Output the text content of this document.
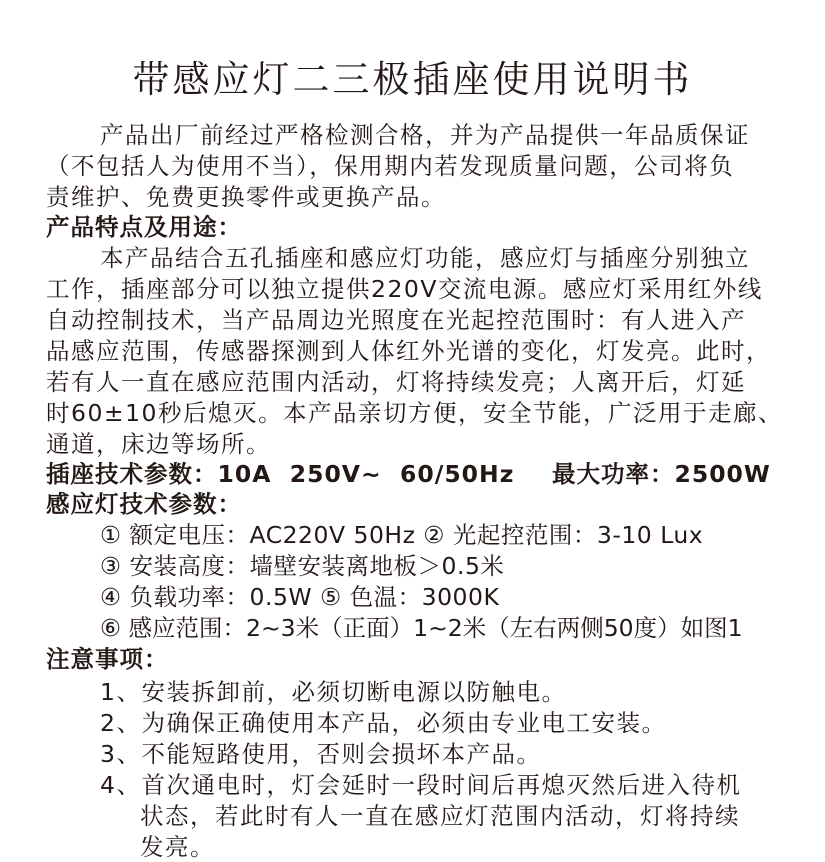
带感应灯二三极插座使用说明书
产品出厂前经过严格检测合格，并为产品提供一年品质保证
（不包括人为使用不当），保用期内若发现质量问题，公司将负
责维护、免费更换零件或更换产品。
产品特点及用途：
本产品结合五孔插座和感应灯功能，感应灯与插座分别独立
工作，插座部分可以独立提供220V交流电源。感应灯采用红外线
自动控制技术，当产品周边光照度在光起控范围时：有人进入产
品感应范围，传感器探测到人体红外光谱的变化，灯发亮。此时，
若有人一直在感应范围内活动，灯将持续发亮；人离开后，灯延
时60±10秒后熄灭。本产品亲切方便，安全节能，广泛用于走廊、
通道，床边等场所。
插座技术参数：10A  250V~  60/50Hz 最大功率：2500W
感应灯技术参数：
① 额定电压：AC220V 50Hz ② 光起控范围：3-10 Lux
③ 安装高度：墙壁安装离地板＞0.5米
④ 负载功率：0.5W ⑤ 色温：3000K
⑥ 感应范围：2~3米（正面）1~2米（左右两侧50度）如图1
注意事项：
1、安装拆卸前，必须切断电源以防触电。
2、为确保正确使用本产品，必须由专业电工安装。
3、不能短路使用，否则会损坏本产品。
4、首次通电时，灯会延时一段时间后再熄灭然后进入待机
状态，若此时有人一直在感应灯范围内活动，灯将持续
发亮。
